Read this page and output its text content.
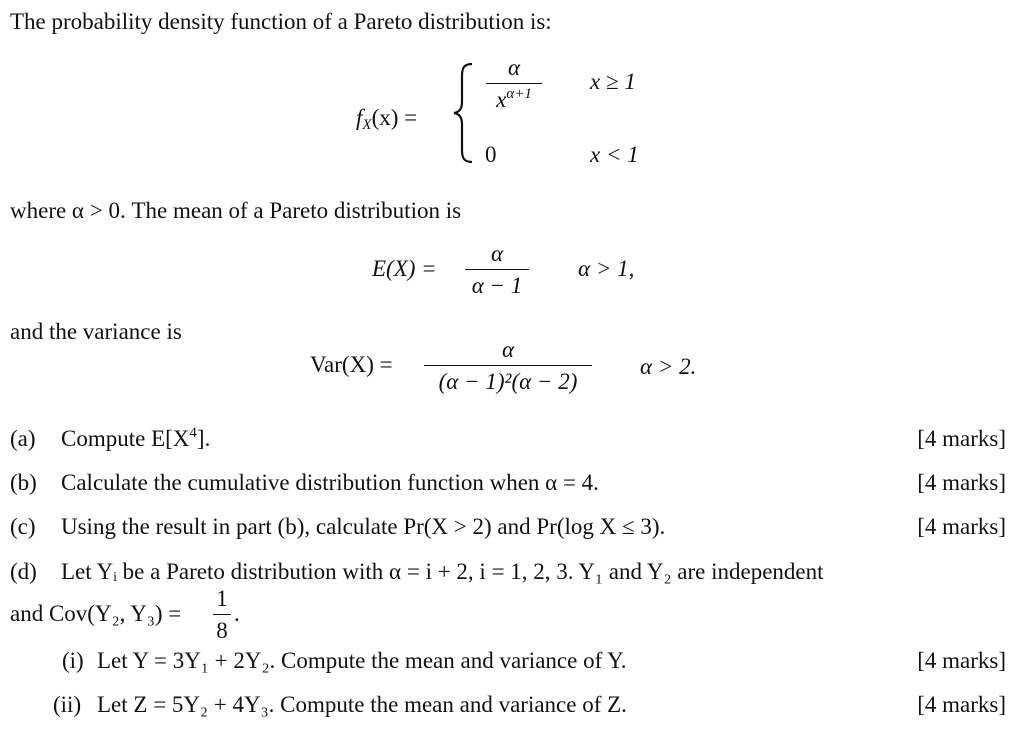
The probability density function of a Pareto distribution is:
$f_X(x)$ =
α
$x^{\alpha+1}$
x ≥ 1
0	x < 1
where α > 0. The mean of a Pareto distribution is
E(X) =
α
α − 1
α > 1,
and the variance is
Var(X) =
α
(α − 1)²(α − 2)
α > 2.
(a) Compute $E[X^4]$.	[4 marks]
(b) Calculate the cumulative distribution function when α = 4.	[4 marks]
(c) Using the result in part (b), calculate Pr(X > 2) and Pr(log X ≤ 3).	[4 marks]
(d) Let Yᵢ be a Pareto distribution with α = i + 2, i = 1, 2, 3. Y₁ and Y₂ are independent
and Cov(Y₂, Y₃) =
1
8
.
(i) Let Y = 3Y₁ + 2Y₂. Compute the mean and variance of Y.	[4 marks]
(ii) Let Z = 5Y₂ + 4Y₃. Compute the mean and variance of Z.	[4 marks]
